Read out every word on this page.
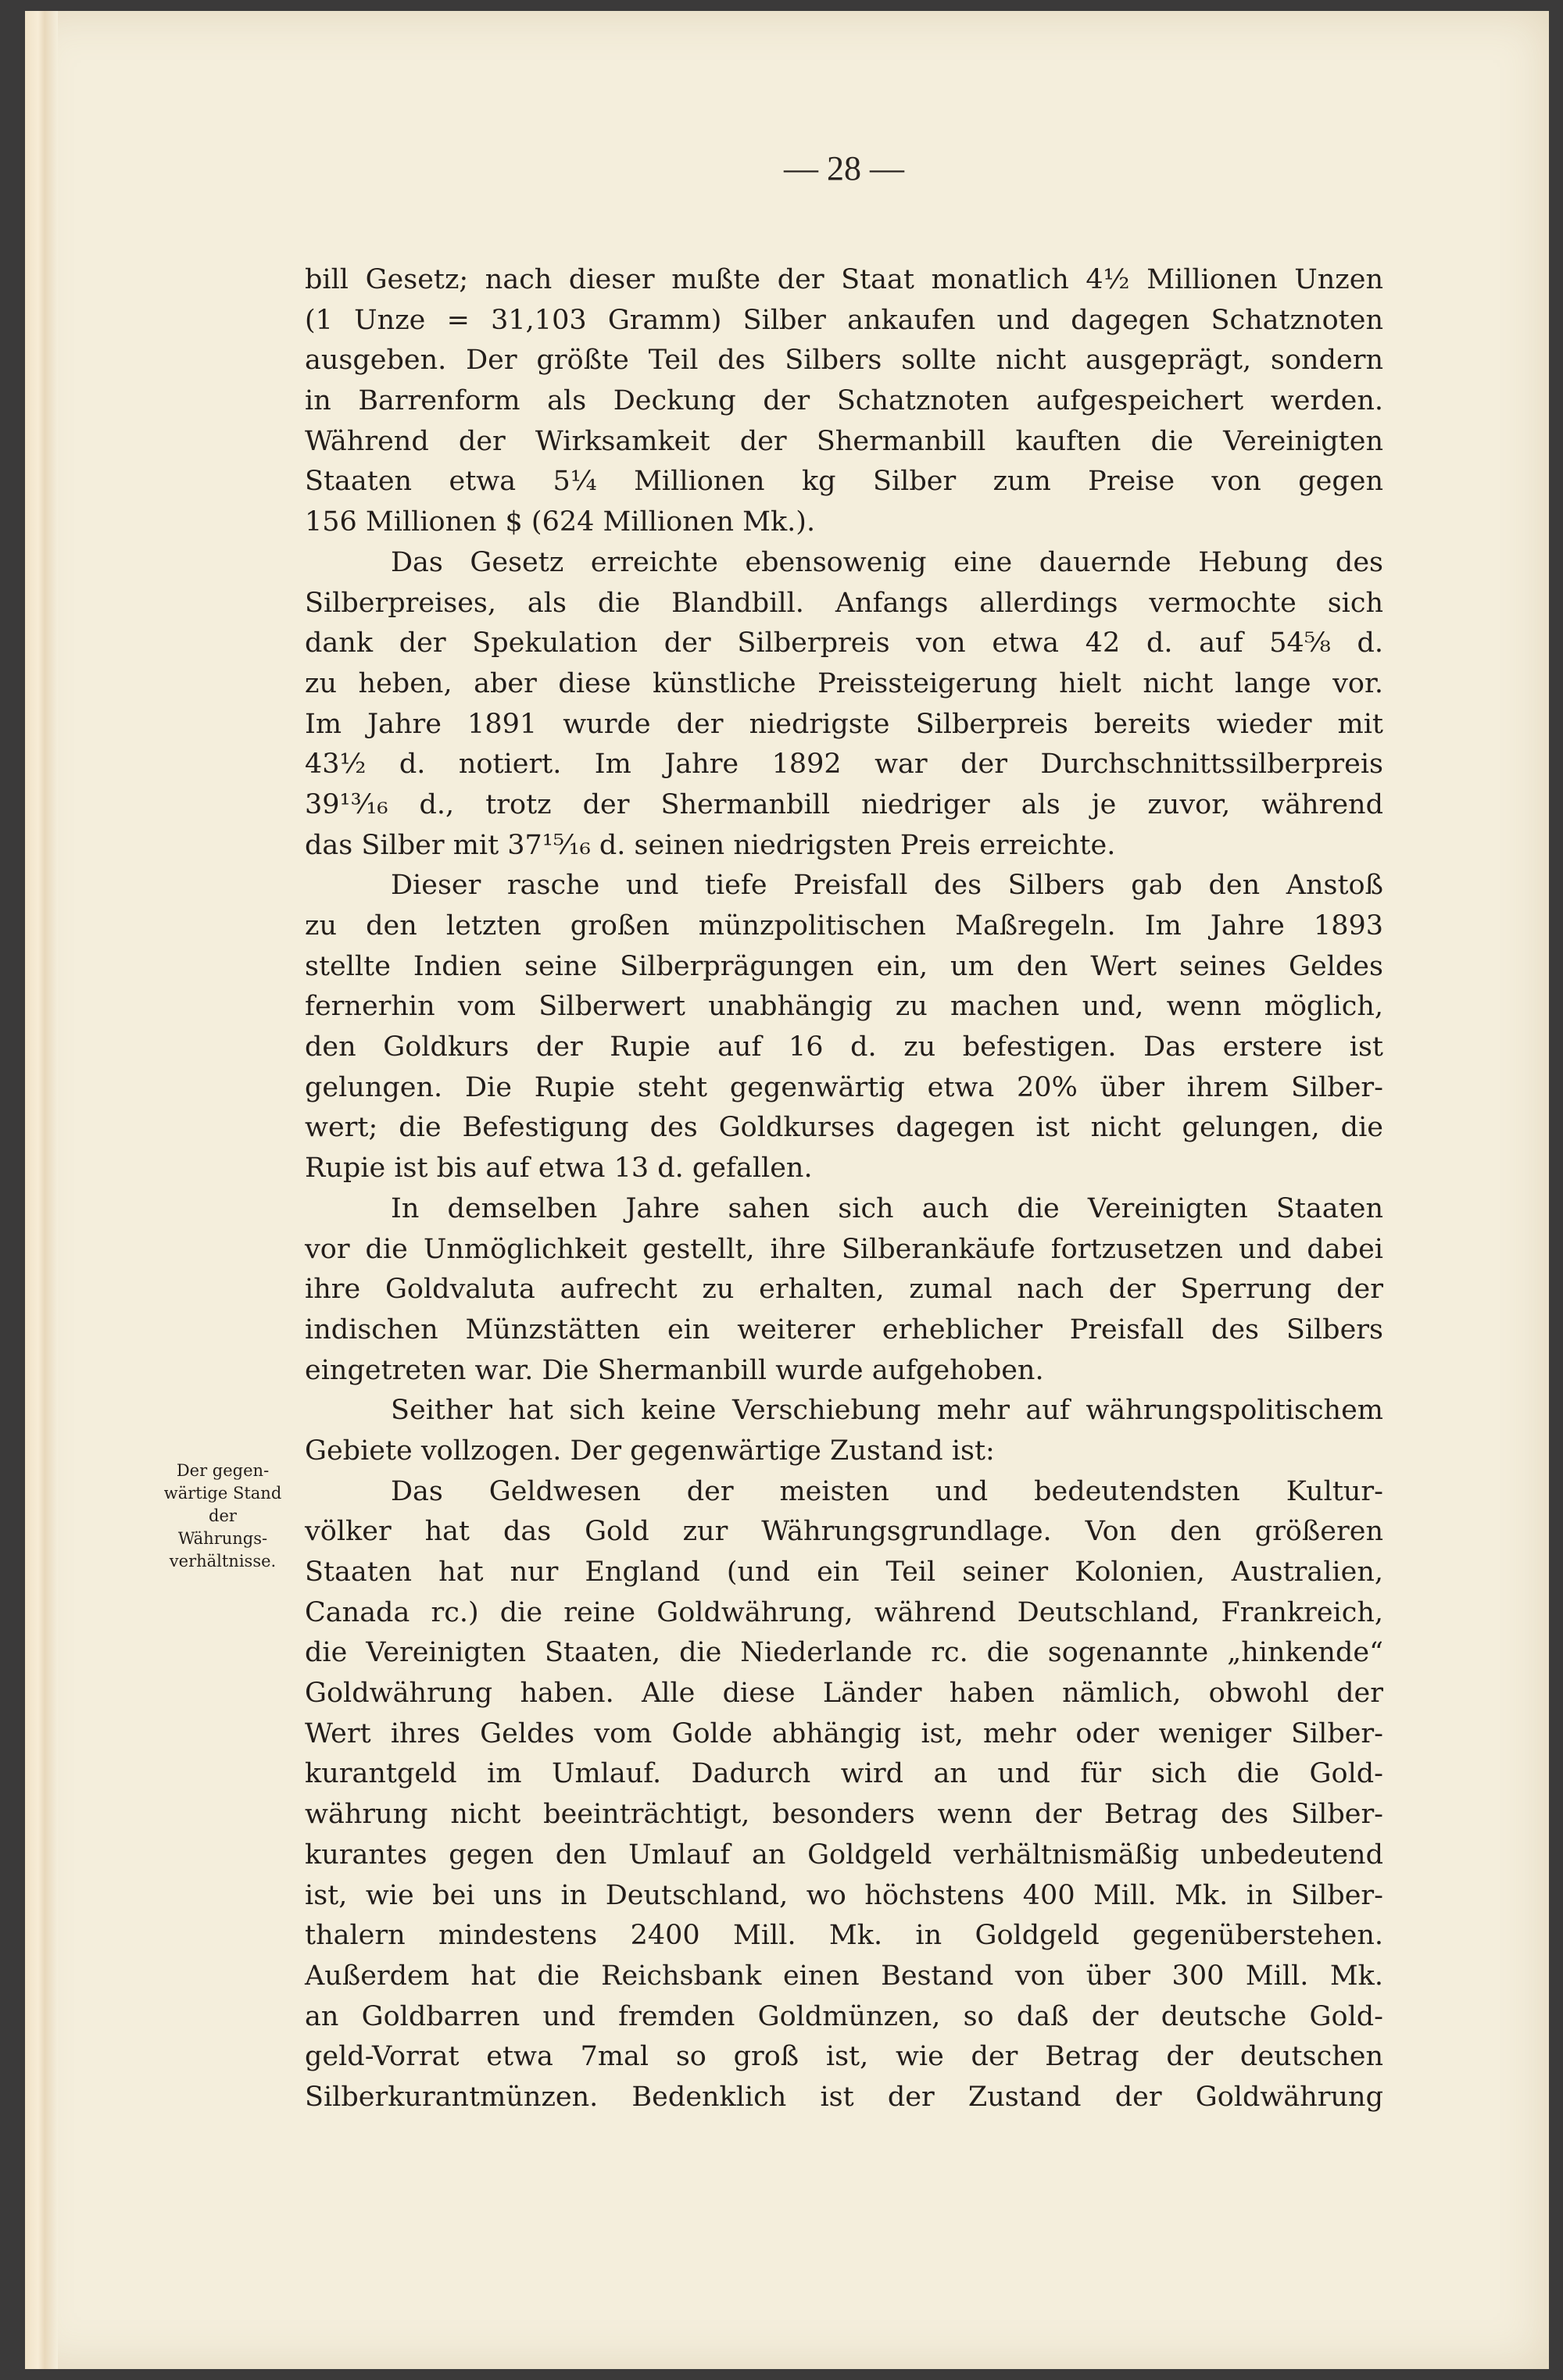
— 28 —
Der gegen-
wärtige Stand
der
Währungs-
verhältnisse.
bill Gesetz; nach dieser mußte der Staat monatlich 4½ Millionen Unzen
(1 Unze = 31,103 Gramm) Silber ankaufen und dagegen Schatznoten
ausgeben. Der größte Teil des Silbers sollte nicht ausgeprägt, sondern
in Barrenform als Deckung der Schatznoten aufgespeichert werden.
Während der Wirksamkeit der Shermanbill kauften die Vereinigten
Staaten etwa 5¼ Millionen kg Silber zum Preise von gegen
156 Millionen $ (624 Millionen Mk.).
Das Gesetz erreichte ebensowenig eine dauernde Hebung des
Silberpreises, als die Blandbill. Anfangs allerdings vermochte sich
dank der Spekulation der Silberpreis von etwa 42 d. auf 54⅝ d.
zu heben, aber diese künstliche Preissteigerung hielt nicht lange vor.
Im Jahre 1891 wurde der niedrigste Silberpreis bereits wieder mit
43½ d. notiert. Im Jahre 1892 war der Durchschnittssilberpreis
39¹³⁄₁₆ d., trotz der Shermanbill niedriger als je zuvor, während
das Silber mit 37¹⁵⁄₁₆ d. seinen niedrigsten Preis erreichte.
Dieser rasche und tiefe Preisfall des Silbers gab den Anstoß
zu den letzten großen münzpolitischen Maßregeln. Im Jahre 1893
stellte Indien seine Silberprägungen ein, um den Wert seines Geldes
fernerhin vom Silberwert unabhängig zu machen und, wenn möglich,
den Goldkurs der Rupie auf 16 d. zu befestigen. Das erstere ist
gelungen. Die Rupie steht gegenwärtig etwa 20% über ihrem Silber-
wert; die Befestigung des Goldkurses dagegen ist nicht gelungen, die
Rupie ist bis auf etwa 13 d. gefallen.
In demselben Jahre sahen sich auch die Vereinigten Staaten
vor die Unmöglichkeit gestellt, ihre Silberankäufe fortzusetzen und dabei
ihre Goldvaluta aufrecht zu erhalten, zumal nach der Sperrung der
indischen Münzstätten ein weiterer erheblicher Preisfall des Silbers
eingetreten war. Die Shermanbill wurde aufgehoben.
Seither hat sich keine Verschiebung mehr auf währungspolitischem
Gebiete vollzogen. Der gegenwärtige Zustand ist:
Das Geldwesen der meisten und bedeutendsten Kultur-
völker hat das Gold zur Währungsgrundlage. Von den größeren
Staaten hat nur England (und ein Teil seiner Kolonien, Australien,
Canada rc.) die reine Goldwährung, während Deutschland, Frankreich,
die Vereinigten Staaten, die Niederlande rc. die sogenannte „hinkende“
Goldwährung haben. Alle diese Länder haben nämlich, obwohl der
Wert ihres Geldes vom Golde abhängig ist, mehr oder weniger Silber-
kurantgeld im Umlauf. Dadurch wird an und für sich die Gold-
währung nicht beeinträchtigt, besonders wenn der Betrag des Silber-
kurantes gegen den Umlauf an Goldgeld verhältnismäßig unbedeutend
ist, wie bei uns in Deutschland, wo höchstens 400 Mill. Mk. in Silber-
thalern mindestens 2400 Mill. Mk. in Goldgeld gegenüberstehen.
Außerdem hat die Reichsbank einen Bestand von über 300 Mill. Mk.
an Goldbarren und fremden Goldmünzen, so daß der deutsche Gold-
geld-Vorrat etwa 7mal so groß ist, wie der Betrag der deutschen
Silberkurantmünzen. Bedenklich ist der Zustand der Goldwährung
